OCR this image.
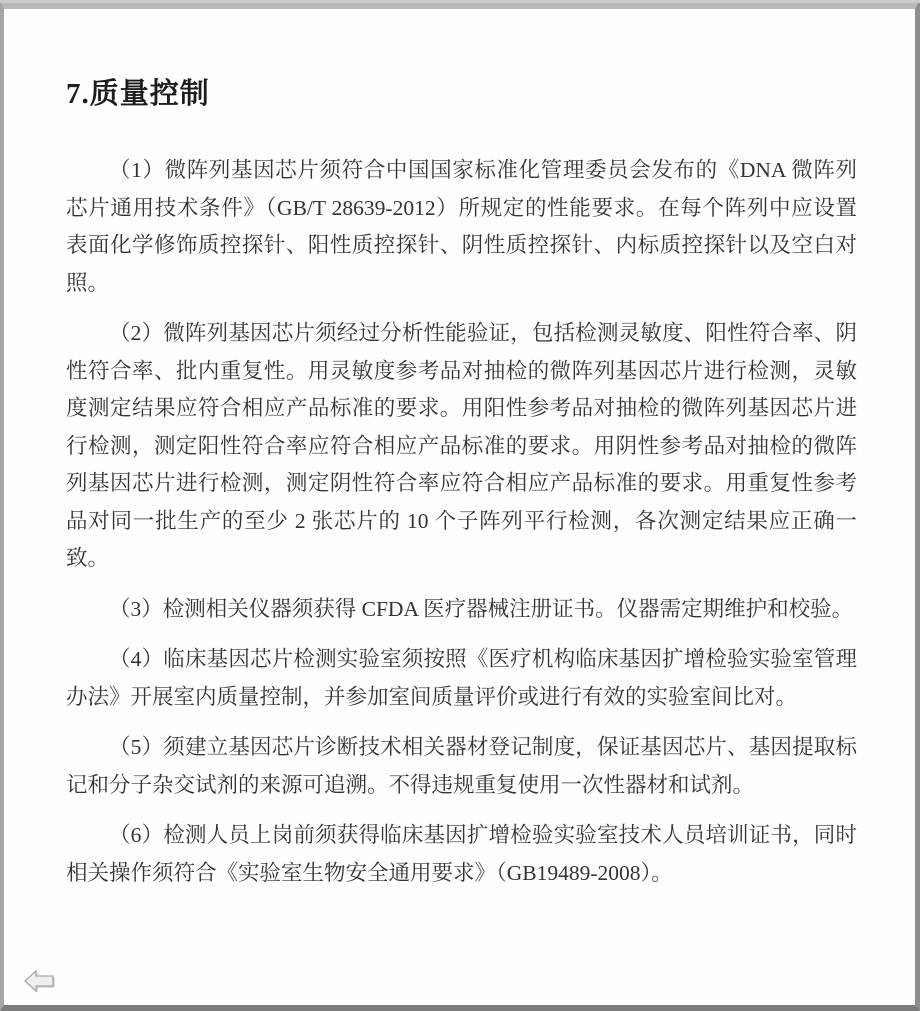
7.质量控制

（1）微阵列基因芯片须符合中国国家标准化管理委员会发布的《DNA 微阵列芯片通用技术条件》（GB/T 28639-2012）所规定的性能要求。在每个阵列中应设置表面化学修饰质控探针、阳性质控探针、阴性质控探针、内标质控探针以及空白对照。

（2）微阵列基因芯片须经过分析性能验证，包括检测灵敏度、阳性符合率、阴性符合率、批内重复性。用灵敏度参考品对抽检的微阵列基因芯片进行检测，灵敏度测定结果应符合相应产品标准的要求。用阳性参考品对抽检的微阵列基因芯片进行检测，测定阳性符合率应符合相应产品标准的要求。用阴性参考品对抽检的微阵列基因芯片进行检测，测定阴性符合率应符合相应产品标准的要求。用重复性参考品对同一批生产的至少 2 张芯片的 10 个子阵列平行检测，各次测定结果应正确一致。

（3）检测相关仪器须获得 CFDA 医疗器械注册证书。仪器需定期维护和校验。

（4）临床基因芯片检测实验室须按照《医疗机构临床基因扩增检验实验室管理办法》开展室内质量控制，并参加室间质量评价或进行有效的实验室间比对。

（5）须建立基因芯片诊断技术相关器材登记制度，保证基因芯片、基因提取标记和分子杂交试剂的来源可追溯。不得违规重复使用一次性器材和试剂。

（6）检测人员上岗前须获得临床基因扩增检验实验室技术人员培训证书，同时相关操作须符合《实验室生物安全通用要求》（GB19489-2008）。
